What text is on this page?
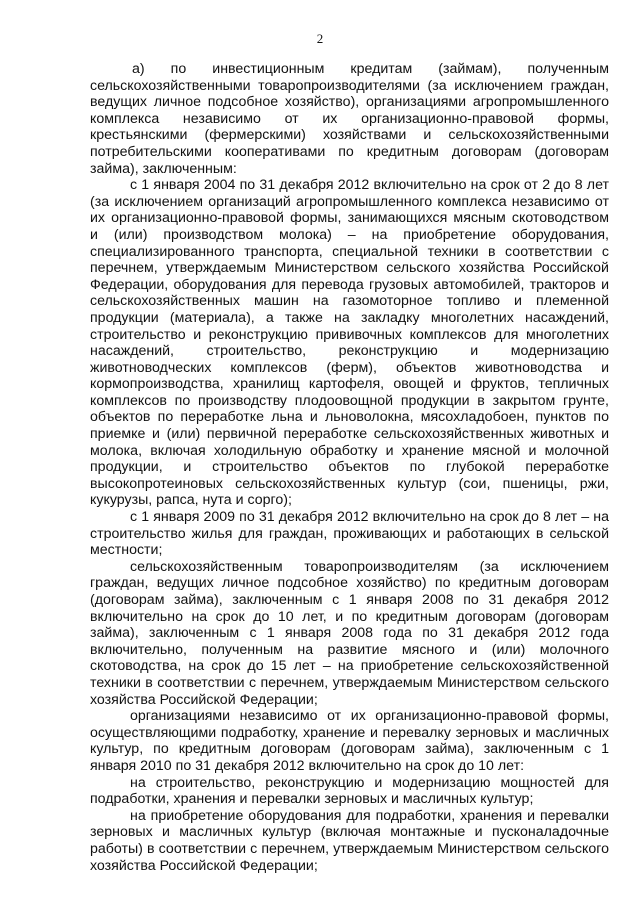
2

а) по инвестиционным кредитам (займам), полученным сельскохозяйственными товаропроизводителями (за исключением граждан, ведущих личное подсобное хозяйство), организациями агропромышленного комплекса независимо от их организационно-правовой формы, крестьянскими (фермерскими) хозяйствами и сельскохозяйственными потребительскими кооперативами по кредитным договорам (договорам займа), заключенным:

с 1 января 2004 по 31 декабря 2012 включительно на срок от 2 до 8 лет (за исключением организаций агропромышленного комплекса независимо от их организационно-правовой формы, занимающихся мясным скотоводством и (или) производством молока) – на приобретение оборудования, специализированного транспорта, специальной техники в соответствии с перечнем, утверждаемым Министерством сельского хозяйства Российской Федерации, оборудования для перевода грузовых автомобилей, тракторов и сельскохозяйственных машин на газомоторное топливо и племенной продукции (материала), а также на закладку многолетних насаждений, строительство и реконструкцию прививочных комплексов для многолетних насаждений, строительство, реконструкцию и модернизацию животноводческих комплексов (ферм), объектов животноводства и кормопроизводства, хранилищ картофеля, овощей и фруктов, тепличных комплексов по производству плодоовощной продукции в закрытом грунте, объектов по переработке льна и льноволокна, мясохладобоен, пунктов по приемке и (или) первичной переработке сельскохозяйственных животных и молока, включая холодильную обработку и хранение мясной и молочной продукции, и строительство объектов по глубокой переработке высокопротеиновых сельскохозяйственных культур (сои, пшеницы, ржи, кукурузы, рапса, нута и сорго);

с 1 января 2009 по 31 декабря 2012 включительно на срок до 8 лет – на строительство жилья для граждан, проживающих и работающих в сельской местности;

сельскохозяйственным товаропроизводителям (за исключением граждан, ведущих личное подсобное хозяйство) по кредитным договорам (договорам займа), заключенным с 1 января 2008 по 31 декабря 2012 включительно на срок до 10 лет, и по кредитным договорам (договорам займа), заключенным с 1 января 2008 года по 31 декабря 2012 года включительно, полученным на развитие мясного и (или) молочного скотоводства, на срок до 15 лет – на приобретение сельскохозяйственной техники в соответствии с перечнем, утверждаемым Министерством сельского хозяйства Российской Федерации;

организациями независимо от их организационно-правовой формы, осуществляющими подработку, хранение и перевалку зерновых и масличных культур, по кредитным договорам (договорам займа), заключенным с 1 января 2010 по 31 декабря 2012 включительно на срок до 10 лет:

на строительство, реконструкцию и модернизацию мощностей для подработки, хранения и перевалки зерновых и масличных культур;

на приобретение оборудования для подработки, хранения и перевалки зерновых и масличных культур (включая монтажные и пусконаладочные работы) в соответствии с перечнем, утверждаемым Министерством сельского хозяйства Российской Федерации;
